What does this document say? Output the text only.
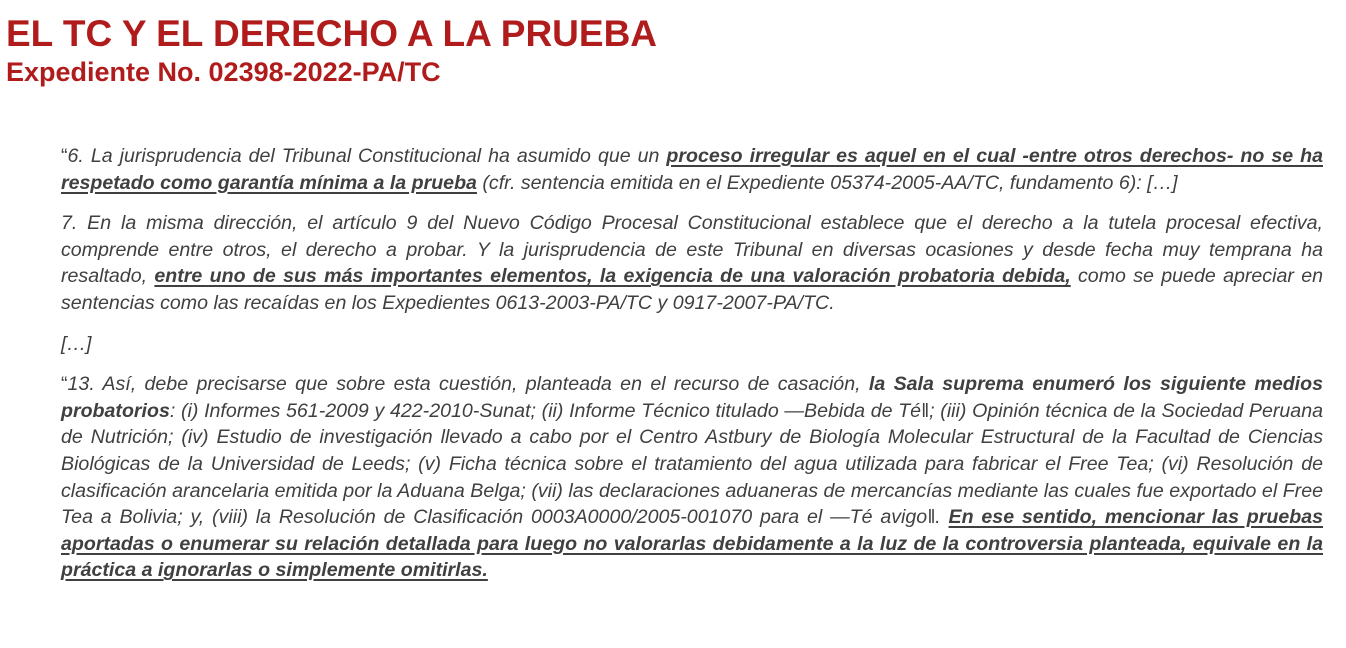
EL TC Y EL DERECHO A LA PRUEBA
Expediente No. 02398-2022-PA/TC

“6. La jurisprudencia del Tribunal Constitucional ha asumido que un proceso irregular es aquel en el cual -entre otros derechos- no se ha respetado como garantía mínima a la prueba (cfr. sentencia emitida en el Expediente 05374-2005-AA/TC, fundamento 6): […]

7. En la misma dirección, el artículo 9 del Nuevo Código Procesal Constitucional establece que el derecho a la tutela procesal efectiva, comprende entre otros, el derecho a probar. Y la jurisprudencia de este Tribunal en diversas ocasiones y desde fecha muy temprana ha resaltado, entre uno de sus más importantes elementos, la exigencia de una valoración probatoria debida, como se puede apreciar en sentencias como las recaídas en los Expedientes 0613-2003-PA/TC y 0917-2007-PA/TC.

[…]

“13. Así, debe precisarse que sobre esta cuestión, planteada en el recurso de casación, la Sala suprema enumeró los siguiente medios probatorios: (i) Informes 561-2009 y 422-2010-Sunat; (ii) Informe Técnico titulado ―Bebida de Té‖; (iii) Opinión técnica de la Sociedad Peruana de Nutrición; (iv) Estudio de investigación llevado a cabo por el Centro Astbury de Biología Molecular Estructural de la Facultad de Ciencias Biológicas de la Universidad de Leeds; (v) Ficha técnica sobre el tratamiento del agua utilizada para fabricar el Free Tea; (vi) Resolución de clasificación arancelaria emitida por la Aduana Belga; (vii) las declaraciones aduaneras de mercancías mediante las cuales fue exportado el Free Tea a Bolivia; y, (viii) la Resolución de Clasificación 0003A0000/2005-001070 para el ―Té avigo‖. En ese sentido, mencionar las pruebas aportadas o enumerar su relación detallada para luego no valorarlas debidamente a la luz de la controversia planteada, equivale en la práctica a ignorarlas o simplemente omitirlas.
